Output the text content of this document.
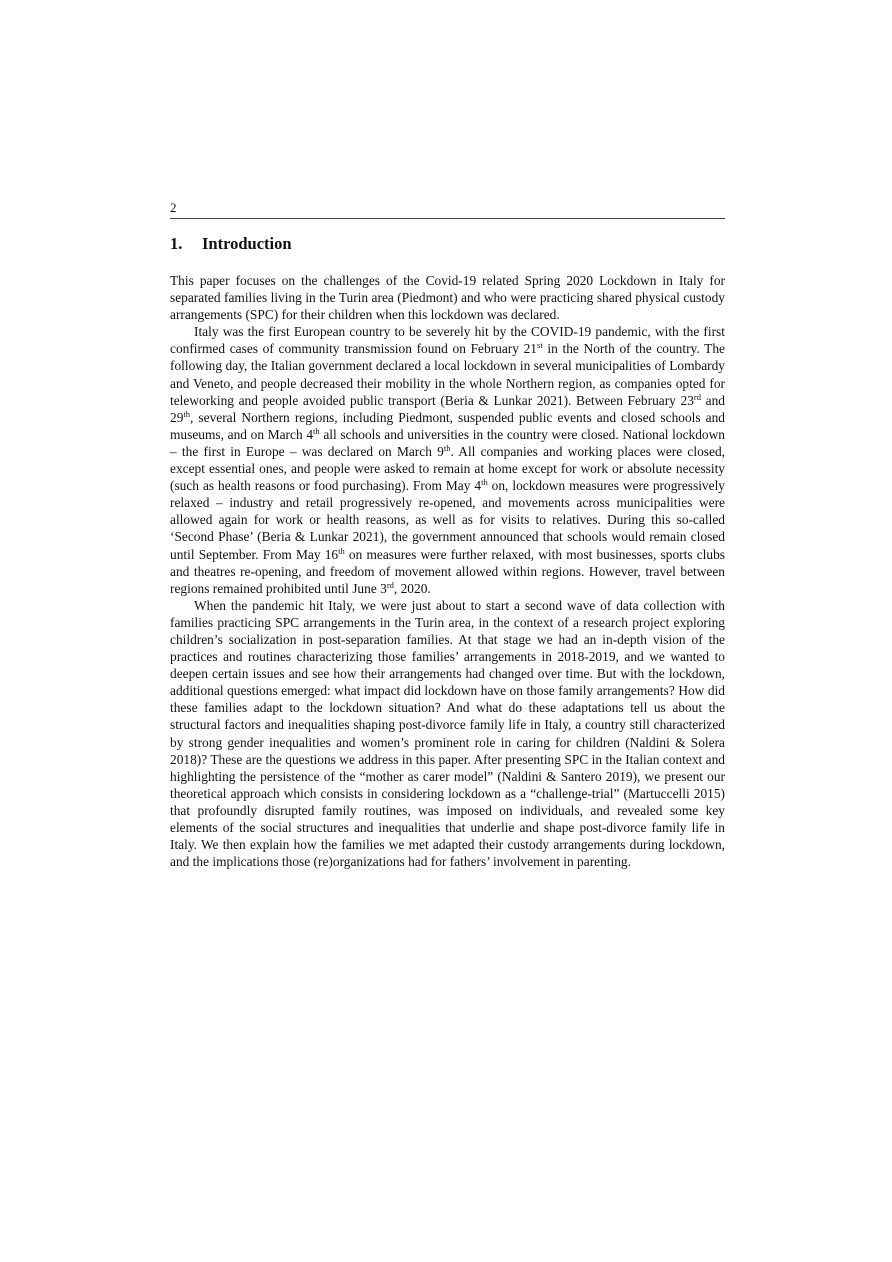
2
1. Introduction

This paper focuses on the challenges of the Covid-19 related Spring 2020 Lockdown in Italy for separated families living in the Turin area (Piedmont) and who were practicing shared physical custody arrangements (SPC) for their children when this lockdown was declared.

Italy was the first European country to be severely hit by the COVID-19 pandemic, with the first confirmed cases of community transmission found on February 21st in the North of the country. The following day, the Italian government declared a local lockdown in several municipalities of Lombardy and Veneto, and people decreased their mobility in the whole Northern region, as companies opted for teleworking and people avoided public transport (Beria & Lunkar 2021). Between February 23rd and 29th, several Northern regions, including Piedmont, suspended public events and closed schools and museums, and on March 4th all schools and universities in the country were closed. National lockdown – the first in Europe – was declared on March 9th. All companies and working places were closed, except essential ones, and people were asked to remain at home except for work or absolute necessity (such as health reasons or food purchasing). From May 4th on, lockdown measures were progressively relaxed – industry and retail progressively re-opened, and movements across municipalities were allowed again for work or health reasons, as well as for visits to relatives. During this so-called ‘Second Phase’ (Beria & Lunkar 2021), the government announced that schools would remain closed until September. From May 16th on measures were further relaxed, with most businesses, sports clubs and theatres re-opening, and freedom of movement allowed within regions. However, travel between regions remained prohibited until June 3rd, 2020.

When the pandemic hit Italy, we were just about to start a second wave of data collection with families practicing SPC arrangements in the Turin area, in the context of a research project exploring children’s socialization in post-separation families. At that stage we had an in-depth vision of the practices and routines characterizing those families’ arrangements in 2018-2019, and we wanted to deepen certain issues and see how their arrangements had changed over time. But with the lockdown, additional questions emerged: what impact did lockdown have on those family arrangements? How did these families adapt to the lockdown situation? And what do these adaptations tell us about the structural factors and inequalities shaping post-divorce family life in Italy, a country still characterized by strong gender inequalities and women’s prominent role in caring for children (Naldini & Solera 2018)? These are the questions we address in this paper. After presenting SPC in the Italian context and highlighting the persistence of the “mother as carer model” (Naldini & Santero 2019), we present our theoretical approach which consists in considering lockdown as a “challenge-trial” (Martuccelli 2015) that profoundly disrupted family routines, was imposed on individuals, and revealed some key elements of the social structures and inequalities that underlie and shape post-divorce family life in Italy. We then explain how the families we met adapted their custody arrangements during lockdown, and the implications those (re)organizations had for fathers’ involvement in parenting.
